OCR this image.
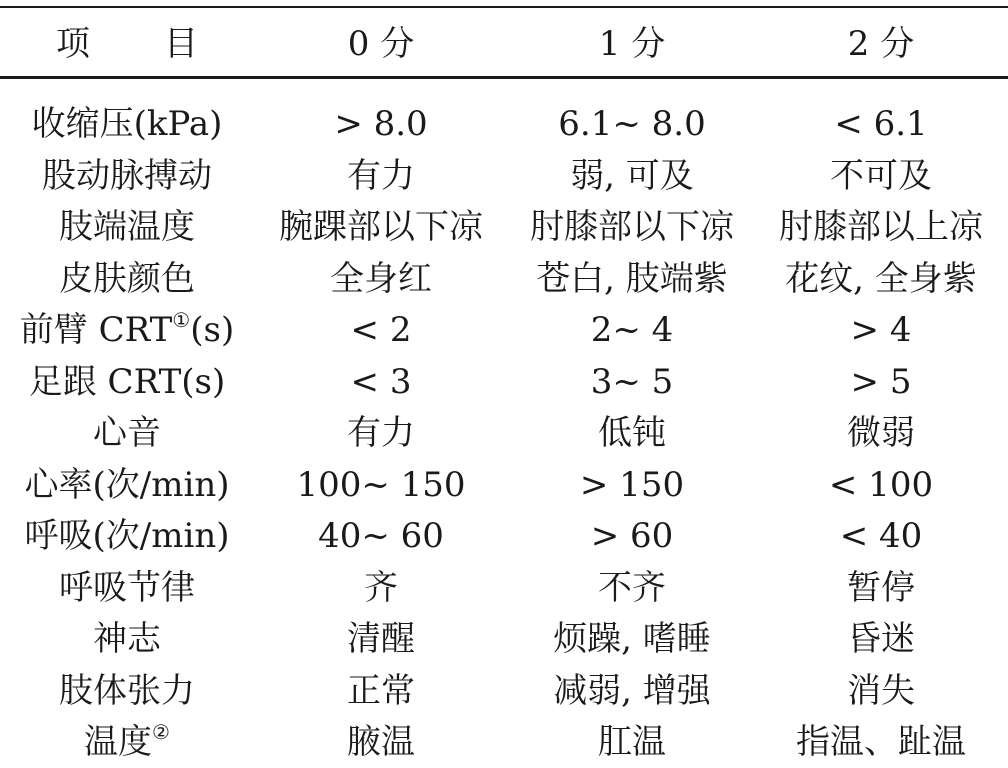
项 目	0 分	1 分	2 分
收缩压(kPa)	> 8.0	6.1~ 8.0	< 6.1
股动脉搏动	有力	弱, 可及	不可及
肢端温度	腕踝部以下凉	肘膝部以下凉	肘膝部以上凉
皮肤颜色	全身红	苍白, 肢端紫	花纹, 全身紫
前臂 CRT①(s)	< 2	2~ 4	> 4
足跟 CRT(s)	< 3	3~ 5	> 5
心音	有力	低钝	微弱
心率(次/min)	100~ 150	> 150	< 100
呼吸(次/min)	40~ 60	> 60	< 40
呼吸节律	齐	不齐	暂停
神志	清醒	烦躁, 嗜睡	昏迷
肢体张力	正常	减弱, 增强	消失
温度②	腋温	肛温	指温、趾温
